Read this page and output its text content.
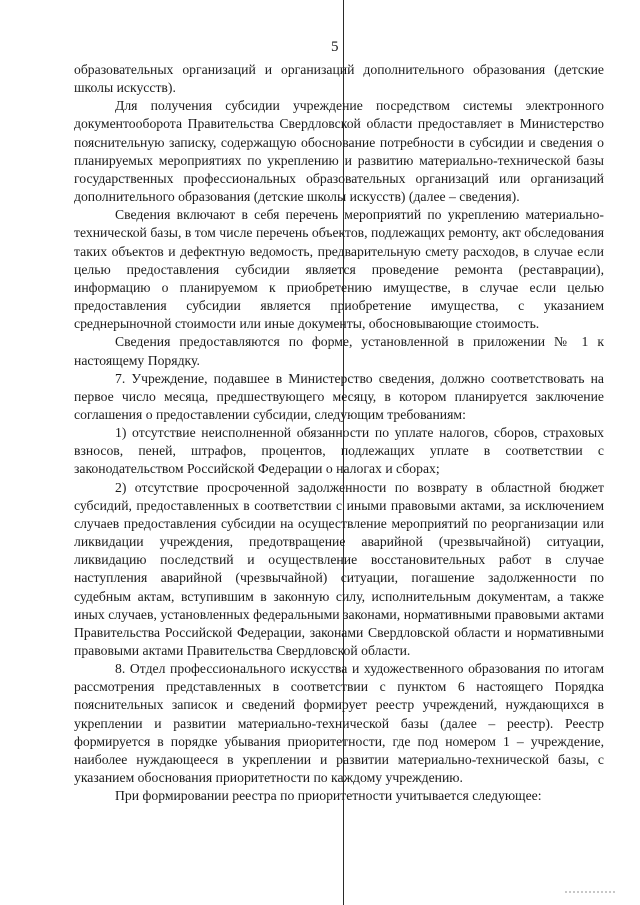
5

образовательных организаций и организаций дополнительного образования (детские школы искусств).

Для получения субсидии учреждение посредством системы электронного документооборота Правительства Свердловской области предоставляет в Министерство пояснительную записку, содержащую обоснование потребности в субсидии и сведения о планируемых мероприятиях по укреплению и развитию материально-технической базы государственных профессиональных образовательных организаций или организаций дополнительного образования (детские школы искусств) (далее – сведения).

Сведения включают в себя перечень мероприятий по укреплению материально-технической базы, в том числе перечень объектов, подлежащих ремонту, акт обследования таких объектов и дефектную ведомость, предварительную смету расходов, в случае если целью предоставления субсидии является проведение ремонта (реставрации), информацию о планируемом к приобретению имуществе, в случае если целью предоставления субсидии является приобретение имущества, с указанием среднерыночной стоимости или иные документы, обосновывающие стоимость.

Сведения предоставляются по форме, установленной в приложении № 1 к настоящему Порядку.

7. Учреждение, подавшее в Министерство сведения, должно соответствовать на первое число месяца, предшествующего месяцу, в котором планируется заключение соглашения о предоставлении субсидии, следующим требованиям:

1) отсутствие неисполненной обязанности по уплате налогов, сборов, страховых взносов, пеней, штрафов, процентов, подлежащих уплате в соответствии с законодательством Российской Федерации о налогах и сборах;

2) отсутствие просроченной задолженности по возврату в областной бюджет субсидий, предоставленных в соответствии с иными правовыми актами, за исключением случаев предоставления субсидии на осуществление мероприятий по реорганизации или ликвидации учреждения, предотвращение аварийной (чрезвычайной) ситуации, ликвидацию последствий и осуществление восстановительных работ в случае наступления аварийной (чрезвычайной) ситуации, погашение задолженности по судебным актам, вступившим в законную силу, исполнительным документам, а также иных случаев, установленных федеральными законами, нормативными правовыми актами Правительства Российской Федерации, законами Свердловской области и нормативными правовыми актами Правительства Свердловской области.

8. Отдел профессионального искусства и художественного образования по итогам рассмотрения представленных в соответствии с пунктом 6 настоящего Порядка пояснительных записок и сведений формирует реестр учреждений, нуждающихся в укреплении и развитии материально-технической базы (далее – реестр). Реестр формируется в порядке убывания приоритетности, где под номером 1 – учреждение, наиболее нуждающееся в укреплении и развитии материально-технической базы, с указанием обоснования приоритетности по каждому учреждению.

При формировании реестра по приоритетности учитывается следующее:
